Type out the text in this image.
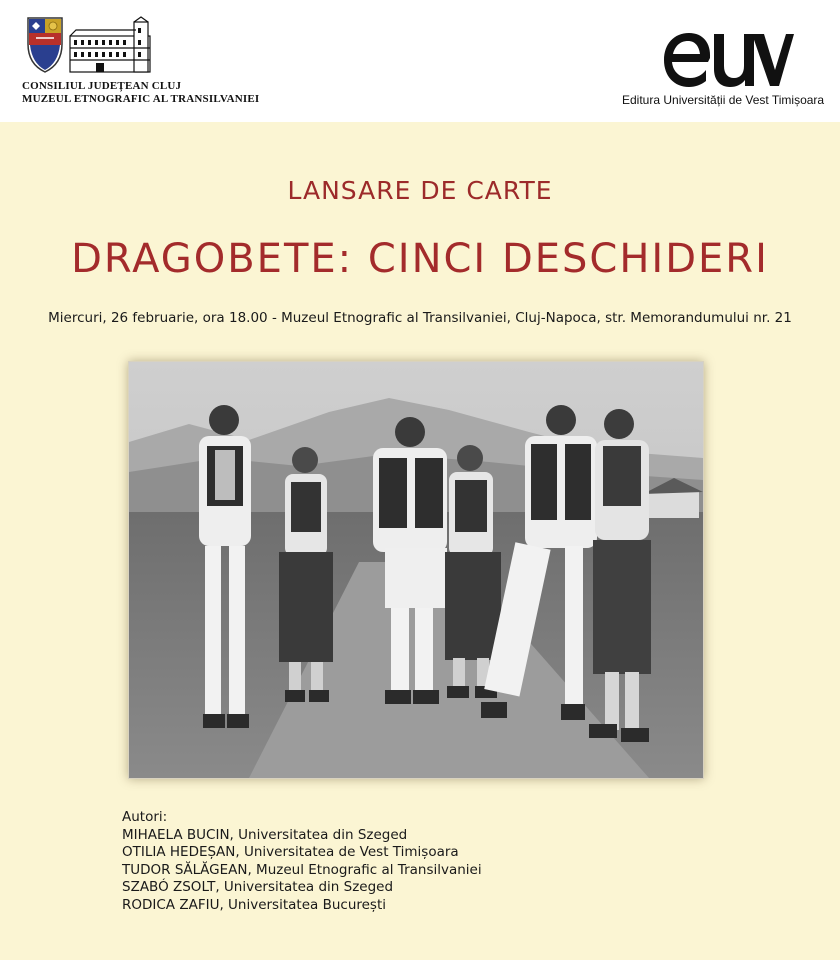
CONSILIUL JUDEȚEAN CLUJ
MUZEUL ETNOGRAFIC AL TRANSILVANIEI	Editura Universității de Vest Timișoara
LANSARE DE CARTE
DRAGOBETE: CINCI DESCHIDERI
Miercuri, 26 februarie, ora 18.00 - Muzeul Etnografic al Transilvaniei, Cluj-Napoca, str. Memorandumului nr. 21
Autori:
MIHAELA BUCIN, Universitatea din Szeged
OTILIA HEDEȘAN, Universitatea de Vest Timișoara
TUDOR SĂLĂGEAN, Muzeul Etnografic al Transilvaniei
SZABÓ ZSOLT, Universitatea din Szeged
RODICA ZAFIU, Universitatea București
